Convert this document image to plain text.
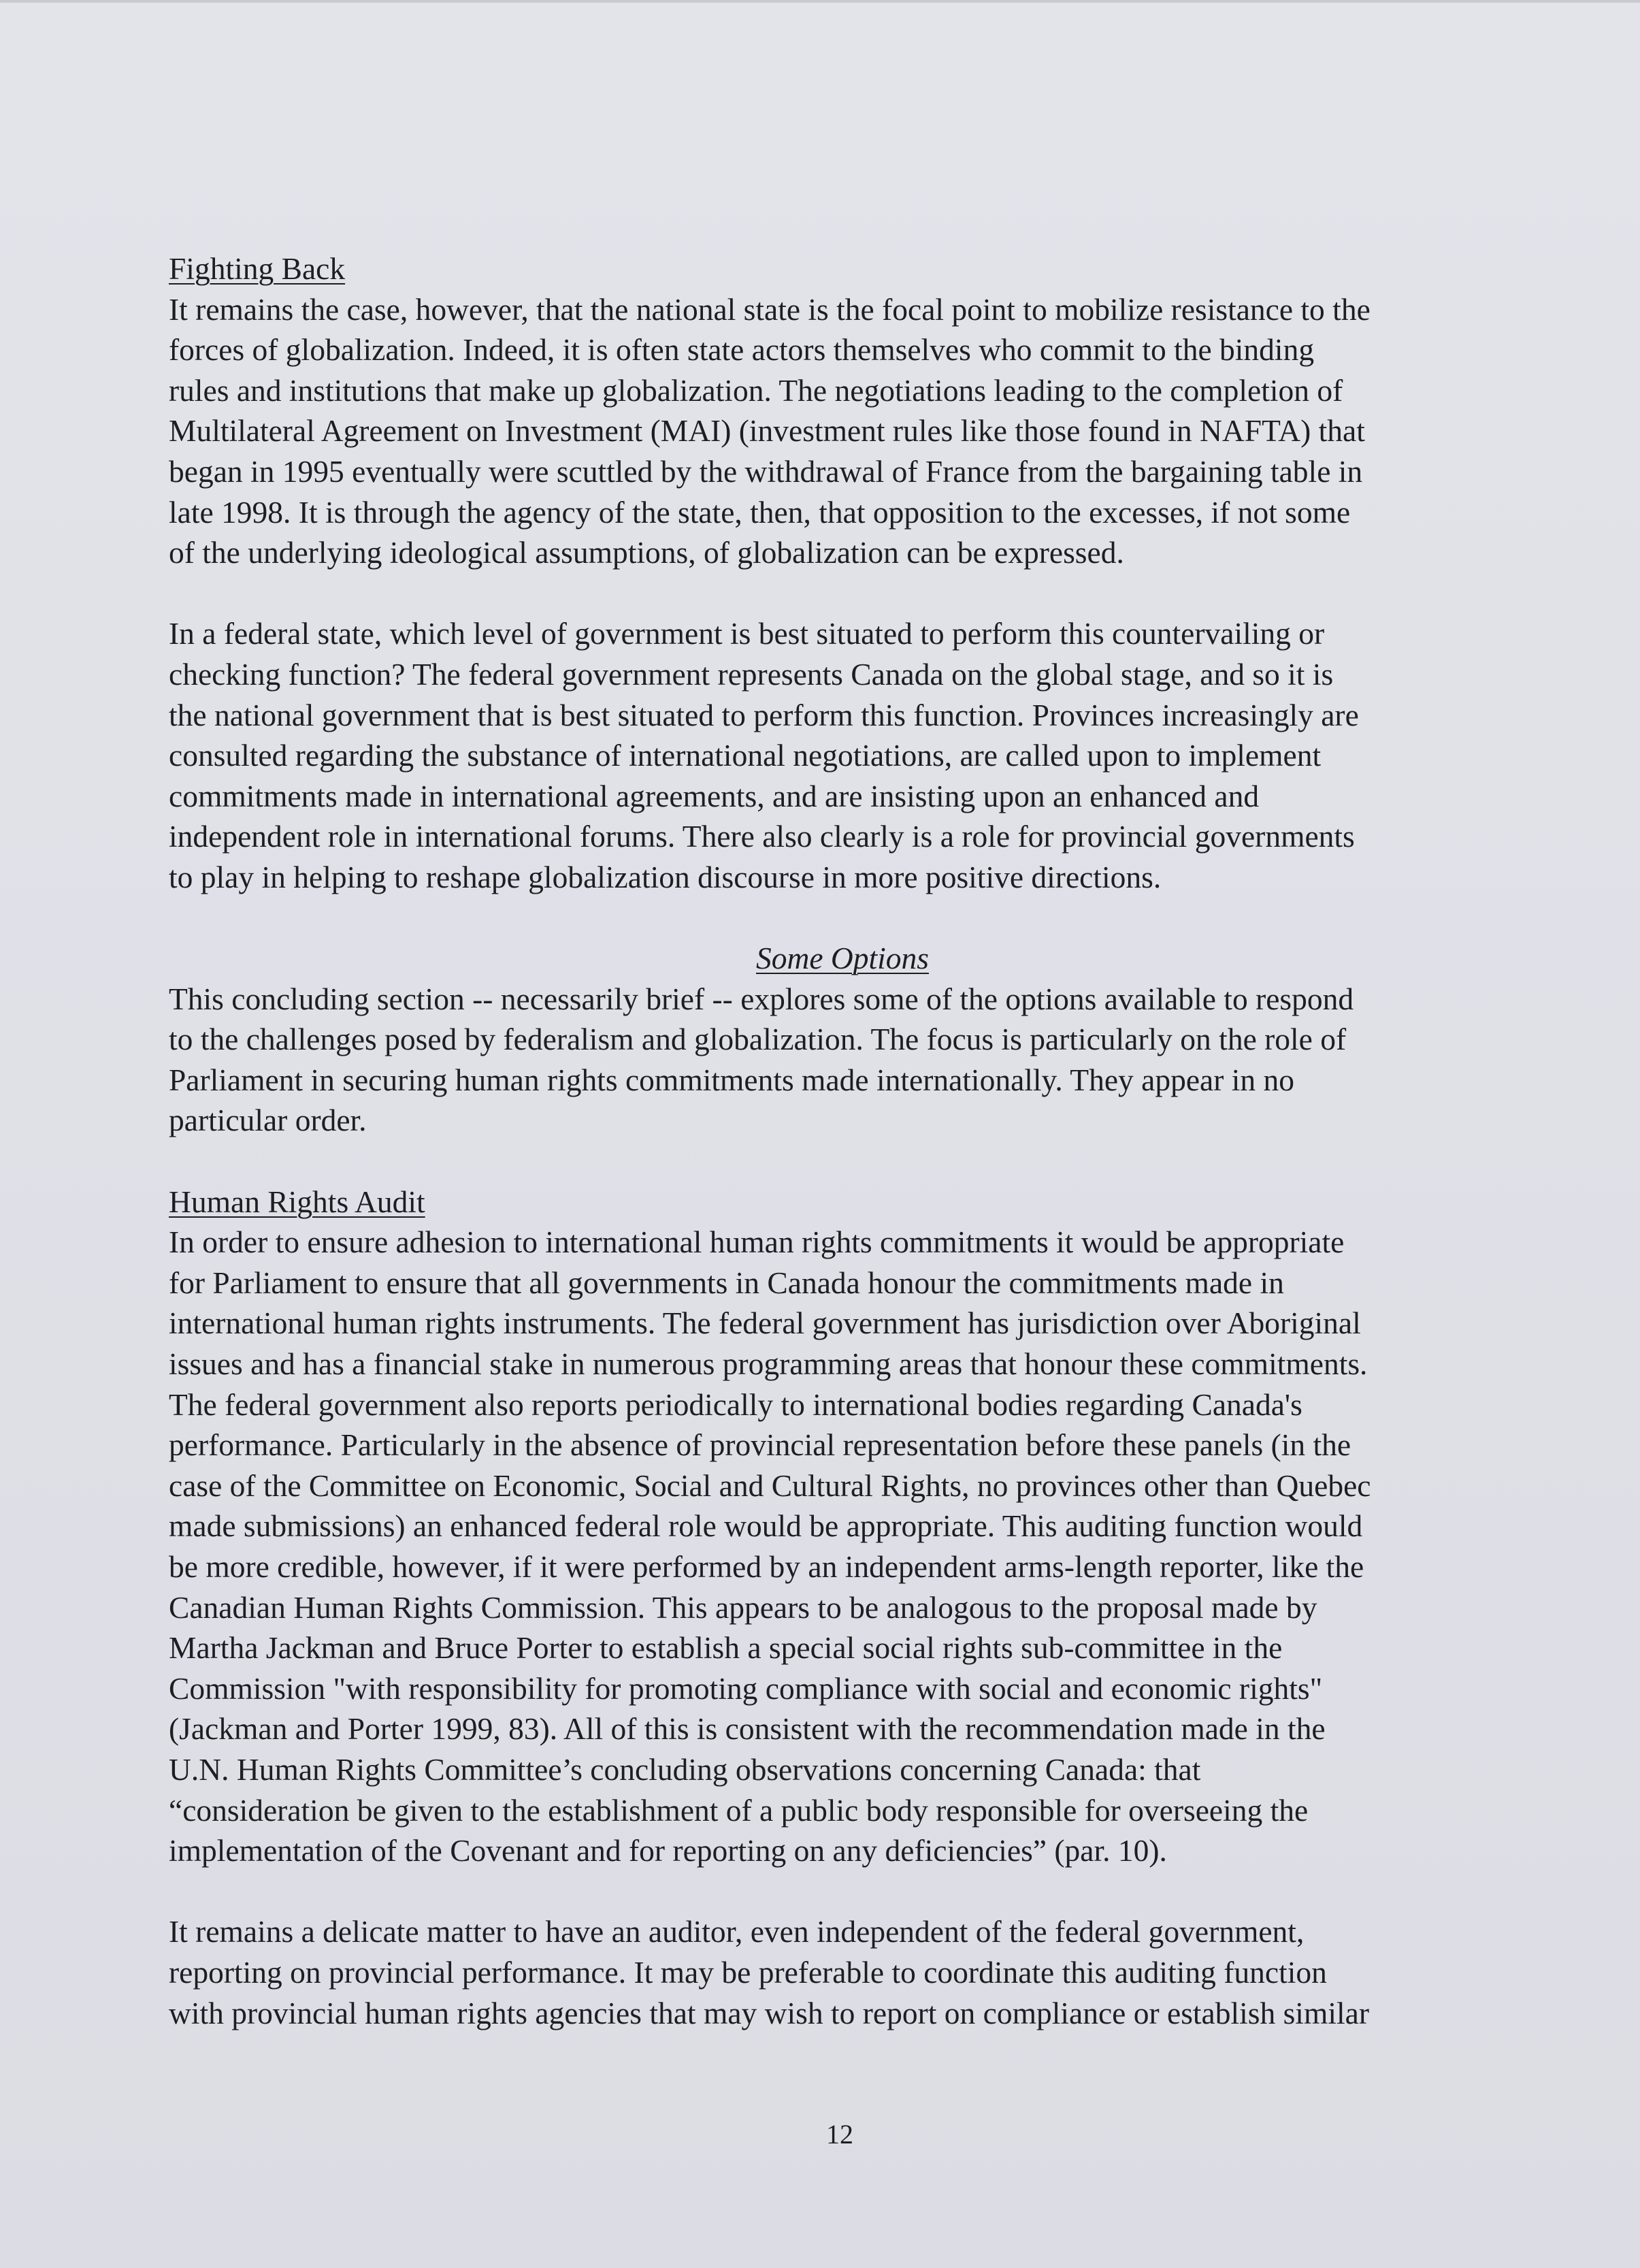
Fighting Back

It remains the case, however, that the national state is the focal point to mobilize resistance to the
forces of globalization. Indeed, it is often state actors themselves who commit to the binding
rules and institutions that make up globalization. The negotiations leading to the completion of
Multilateral Agreement on Investment (MAI) (investment rules like those found in NAFTA) that
began in 1995 eventually were scuttled by the withdrawal of France from the bargaining table in
late 1998. It is through the agency of the state, then, that opposition to the excesses, if not some
of the underlying ideological assumptions, of globalization can be expressed.

In a federal state, which level of government is best situated to perform this countervailing or
checking function? The federal government represents Canada on the global stage, and so it is
the national government that is best situated to perform this function. Provinces increasingly are
consulted regarding the substance of international negotiations, are called upon to implement
commitments made in international agreements, and are insisting upon an enhanced and
independent role in international forums. There also clearly is a role for provincial governments
to play in helping to reshape globalization discourse in more positive directions.

Some Options

This concluding section -- necessarily brief -- explores some of the options available to respond
to the challenges posed by federalism and globalization. The focus is particularly on the role of
Parliament in securing human rights commitments made internationally. They appear in no
particular order.

Human Rights Audit

In order to ensure adhesion to international human rights commitments it would be appropriate
for Parliament to ensure that all governments in Canada honour the commitments made in
international human rights instruments. The federal government has jurisdiction over Aboriginal
issues and has a financial stake in numerous programming areas that honour these commitments.
The federal government also reports periodically to international bodies regarding Canada's
performance. Particularly in the absence of provincial representation before these panels (in the
case of the Committee on Economic, Social and Cultural Rights, no provinces other than Quebec
made submissions) an enhanced federal role would be appropriate. This auditing function would
be more credible, however, if it were performed by an independent arms-length reporter, like the
Canadian Human Rights Commission. This appears to be analogous to the proposal made by
Martha Jackman and Bruce Porter to establish a special social rights sub-committee in the
Commission "with responsibility for promoting compliance with social and economic rights"
(Jackman and Porter 1999, 83). All of this is consistent with the recommendation made in the
U.N. Human Rights Committee’s concluding observations concerning Canada: that
“consideration be given to the establishment of a public body responsible for overseeing the
implementation of the Covenant and for reporting on any deficiencies” (par. 10).

It remains a delicate matter to have an auditor, even independent of the federal government,
reporting on provincial performance. It may be preferable to coordinate this auditing function
with provincial human rights agencies that may wish to report on compliance or establish similar

12
